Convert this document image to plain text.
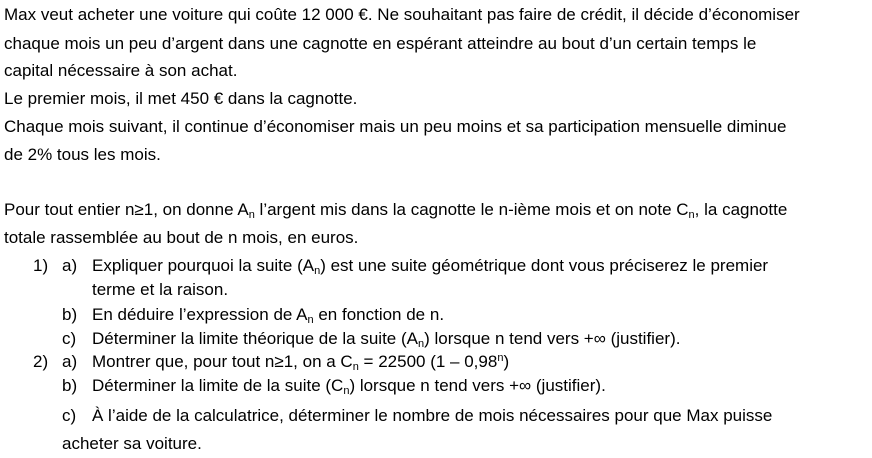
Max veut acheter une voiture qui coûte 12 000 €. Ne souhaitant pas faire de crédit, il décide d’économiser
chaque mois un peu d’argent dans une cagnotte en espérant atteindre au bout d’un certain temps le
capital nécessaire à son achat.
Le premier mois, il met 450 € dans la cagnotte.
Chaque mois suivant, il continue d’économiser mais un peu moins et sa participation mensuelle diminue
de 2% tous les mois.
Pour tout entier n≥1, on donne $A_n$ l’argent mis dans la cagnotte le n-ième mois et on note $C_n$, la cagnotte
totale rassemblée au bout de n mois, en euros.
1) a) Expliquer pourquoi la suite $(A_n)$ est une suite géométrique dont vous préciserez le premier
terme et la raison.
b) En déduire l’expression de $A_n$ en fonction de n.
c) Déterminer la limite théorique de la suite $(A_n)$ lorsque n tend vers +∞ (justifier).
2) a) Montrer que, pour tout n≥1, on a $C_n = 22500$ (1 – 0,98$^n$)
b) Déterminer la limite de la suite $(C_n)$ lorsque n tend vers +∞ (justifier).
c) À l’aide de la calculatrice, déterminer le nombre de mois nécessaires pour que Max puisse
acheter sa voiture.
